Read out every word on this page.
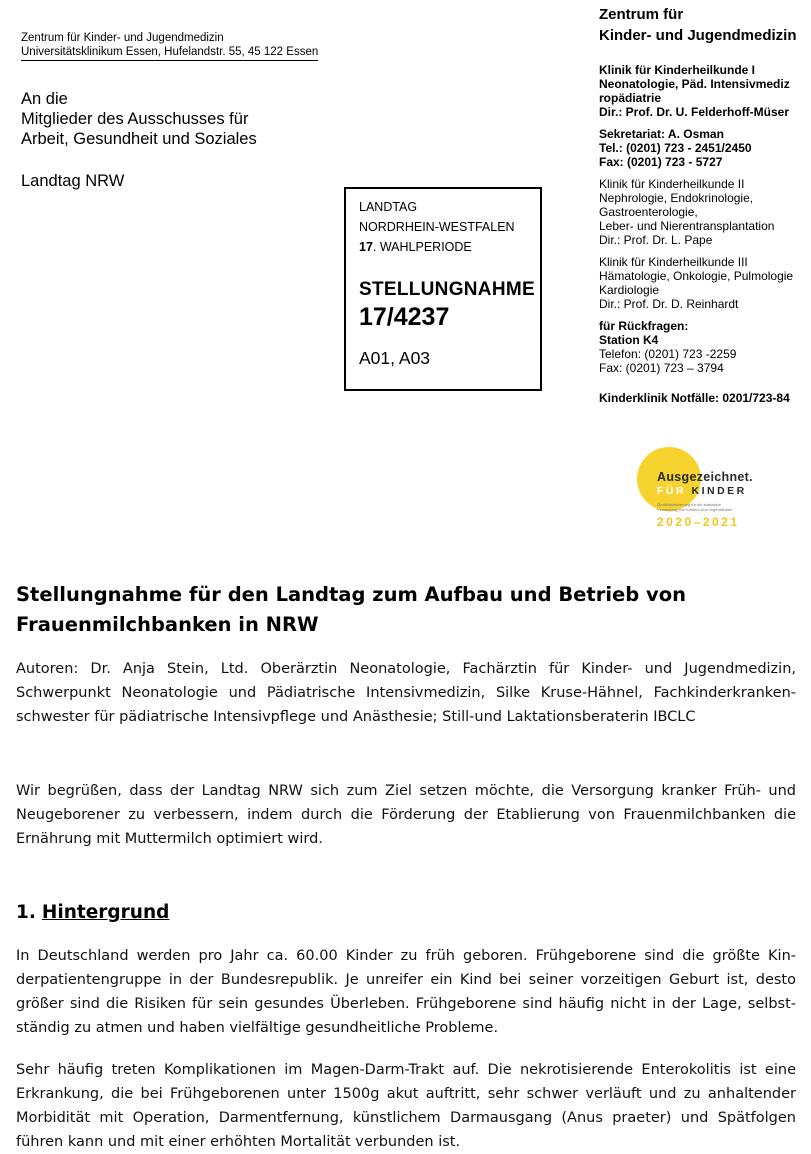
Zentrum für Kinder- und Jugendmedizin
Universitätsklinikum Essen, Hufelandstr. 55, 45 122 Essen
An die
Mitglieder des Ausschusses für
Arbeit, Gesundheit und Soziales
Landtag NRW
LANDTAG
NORDRHEIN-WESTFALEN
17. WAHLPERIODE
STELLUNGNAHME
17/4237
A01, A03
Zentrum für
Kinder- und Jugendmedizin
Klinik für Kinderheilkunde I
Neonatologie, Päd. Intensivmediz
ropädiatrie
Dir.: Prof. Dr. U. Felderhoff-Müser
Sekretariat: A. Osman
Tel.: (0201) 723 - 2451/2450
Fax: (0201) 723 - 5727
Klinik für Kinderheilkunde II
Nephrologie, Endokrinologie,
Gastroenterologie,
Leber- und Nierentransplantation
Dir.: Prof. Dr. L. Pape
Klinik für Kinderheilkunde III
Hämatologie, Onkologie, Pulmologie
Kardiologie
Dir.: Prof. Dr. D. Reinhardt
für Rückfragen:
Station K4
Telefon: (0201) 723 -2259
Fax: (0201) 723 – 3794
Kinderklinik Notfälle: 0201/723-84
Ausgezeichnet.
FÜR KINDER
Qualitätssicherung für die stationäre
Versorgung von Kindern und Jugendlichen
2020–2021
Stellungnahme für den Landtag zum Aufbau und Betrieb von Frauenmilchbanken in NRW
Autoren: Dr. Anja Stein, Ltd. Oberärztin Neonatologie, Fachärztin für Kinder- und Jugendmedizin, Schwerpunkt Neonatologie und Pädiatrische Intensivmedizin, Silke Kruse-Hähnel, Fachkinderkrankenschwester für pädiatrische Intensivpflege und Anästhesie; Still-und Laktationsberaterin IBCLC
Wir begrüßen, dass der Landtag NRW sich zum Ziel setzen möchte, die Versorgung kranker Früh- und Neugeborener zu verbessern, indem durch die Förderung der Etablierung von Frauenmilchbanken die Ernährung mit Muttermilch optimiert wird.
1. Hintergrund
In Deutschland werden pro Jahr ca. 60.00 Kinder zu früh geboren. Frühgeborene sind die größte Kinderpatientengruppe in der Bundesrepublik. Je unreifer ein Kind bei seiner vorzeitigen Geburt ist, desto größer sind die Risiken für sein gesundes Überleben. Frühgeborene sind häufig nicht in der Lage, selbstständig zu atmen und haben vielfältige gesundheitliche Probleme.
Sehr häufig treten Komplikationen im Magen-Darm-Trakt auf. Die nekrotisierende Enterokolitis ist eine Erkrankung, die bei Frühgeborenen unter 1500g akut auftritt, sehr schwer verläuft und zu anhaltender Morbidität mit Operation, Darmentfernung, künstlichem Darmausgang (Anus praeter) und Spätfolgen führen kann und mit einer erhöhten Mortalität verbunden ist.
